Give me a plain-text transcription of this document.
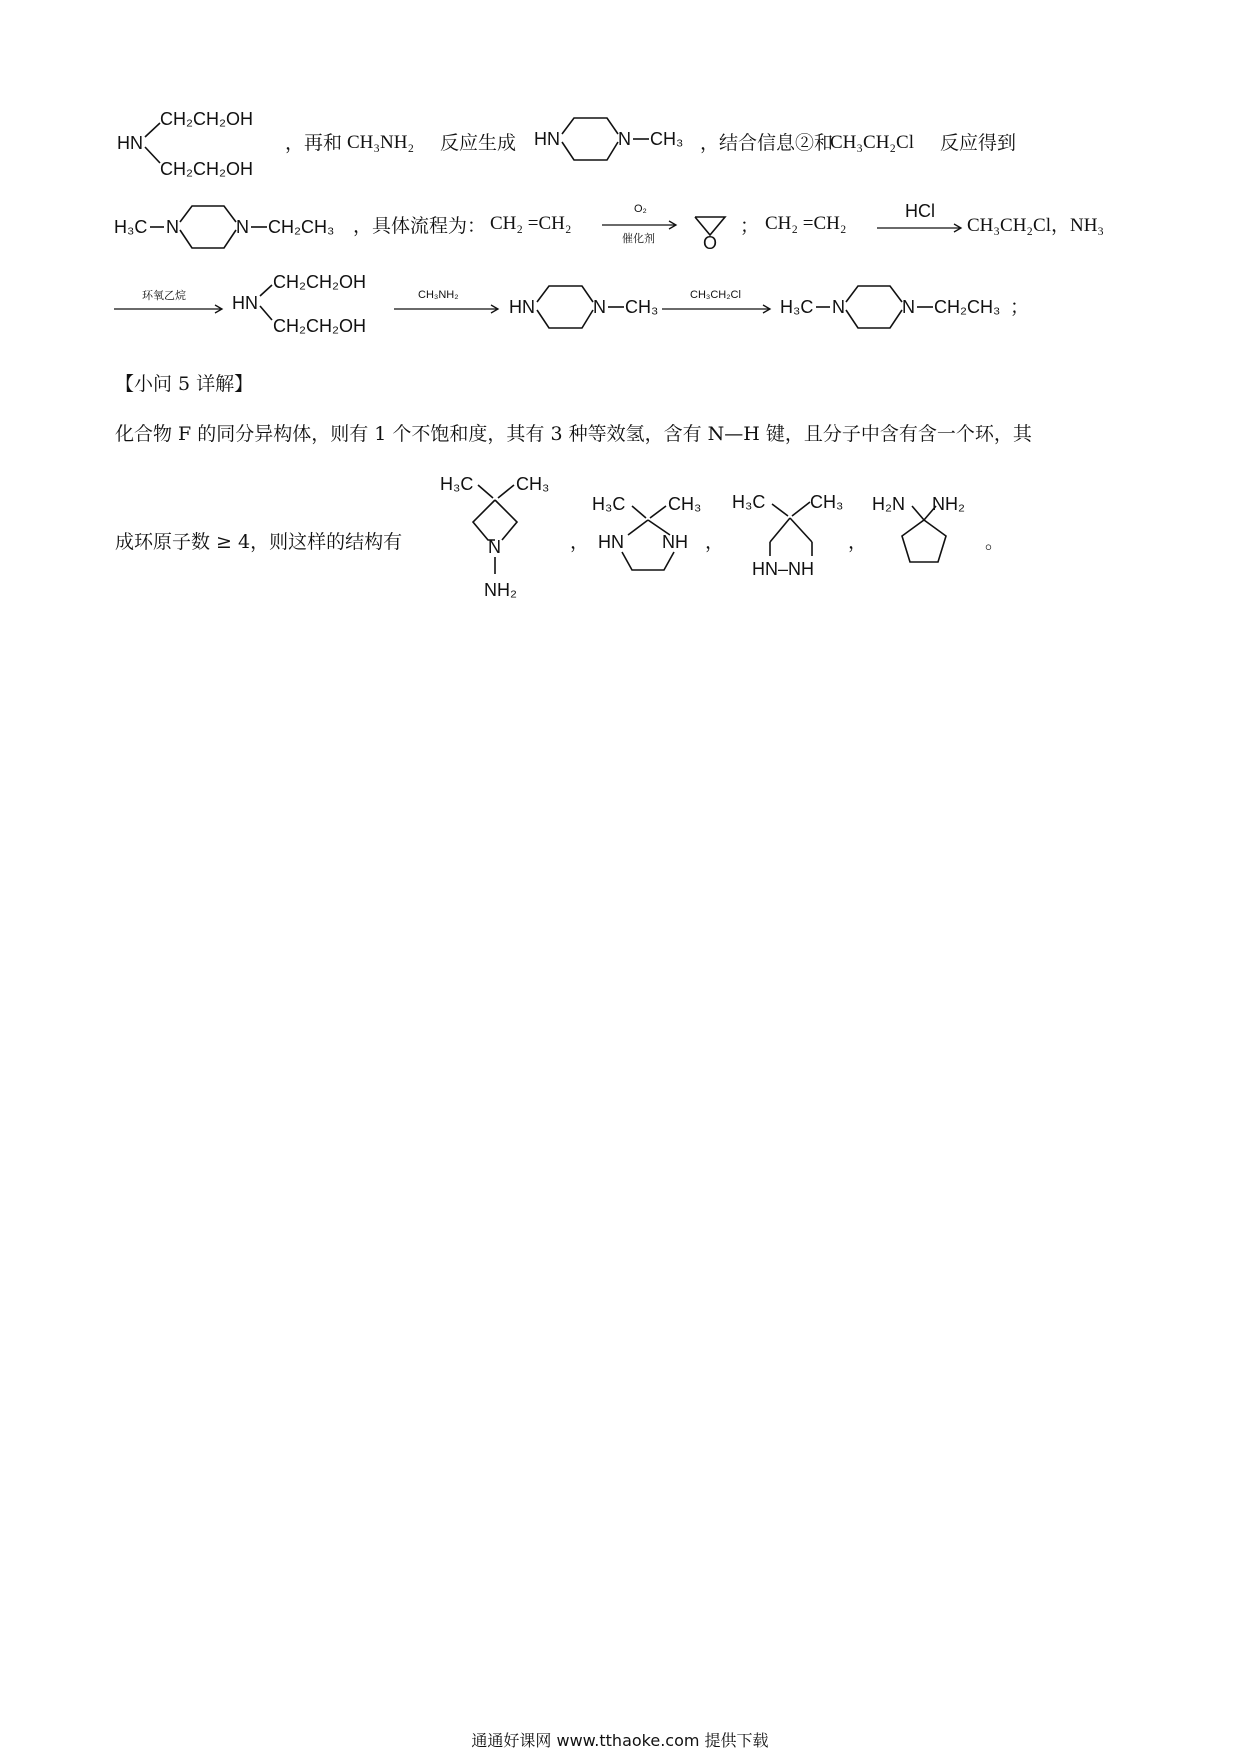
HN
CH₂CH₂OH
CH₂CH₂OH
，再和 CH₃NH₂ 反应生成 HN	N CH₃ ，结合信息②和
CH₃CH₂Cl 反应得到
H₃C N	N CH₂CH₃ ，具体流程为： CH₂ =CH₂
O₂
催化剂	O
； CH₂ =CH₂
HCl
CH₃CH₂Cl，NH₃
环氧乙烷	HN
CH₂CH₂OH
CH₂CH₂OH
CH₃NH₂
HN	N CH₃
CH₃CH₂Cl
H₃C N	N CH₂CH₃ ；
【小问 5 详解】
化合物 F 的同分异构体，则有 1 个不饱和度，其有 3 种等效氢，含有 N—H 键，且分子中含有含一个环，其
成环原子数 ≥ 4，则这样的结构有
H₃C CH₃
N
NH₂
，
H₃C CH₃
HN NH ，
H₃C CH₃
HN–NH
，
H₂N NH₂
。
通通好课网 www.tthaoke.com 提供下载
